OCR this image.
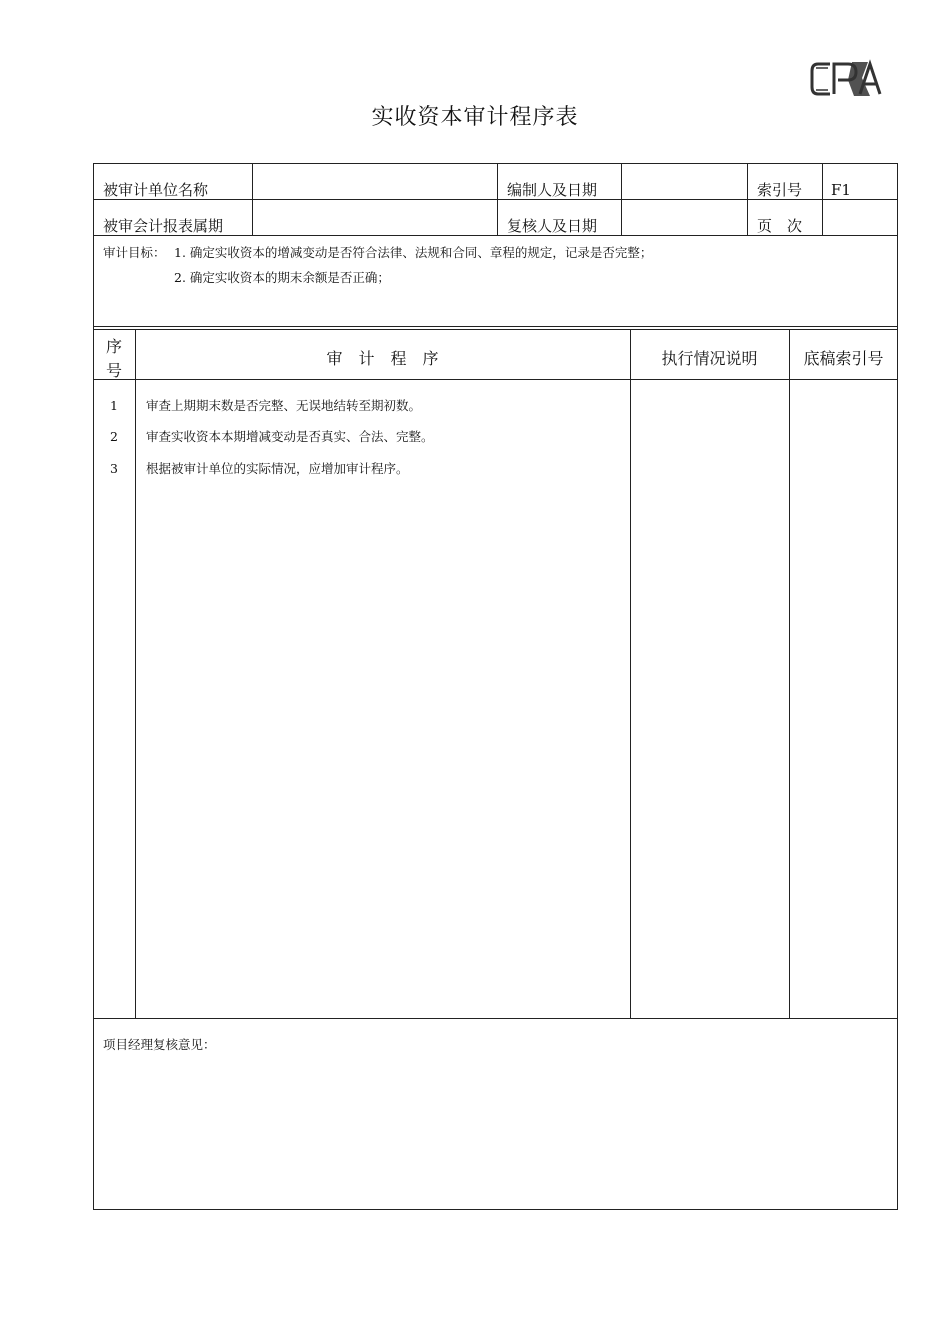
实收资本审计程序表
被审计单位名称	编制人及日期	索引号 F1
被审会计报表属期	复核人及日期	页　次
审计目标： 1. 确定实收资本的增减变动是否符合法律、法规和合同、章程的规定，记录是否完整；
2. 确定实收资本的期末余额是否正确；
序
号
审　计　程　序	执行情况说明	底稿索引号
1	审查上期期末数是否完整、无误地结转至期初数。
2	审查实收资本本期增减变动是否真实、合法、完整。
3	根据被审计单位的实际情况，应增加审计程序。
项目经理复核意见：
